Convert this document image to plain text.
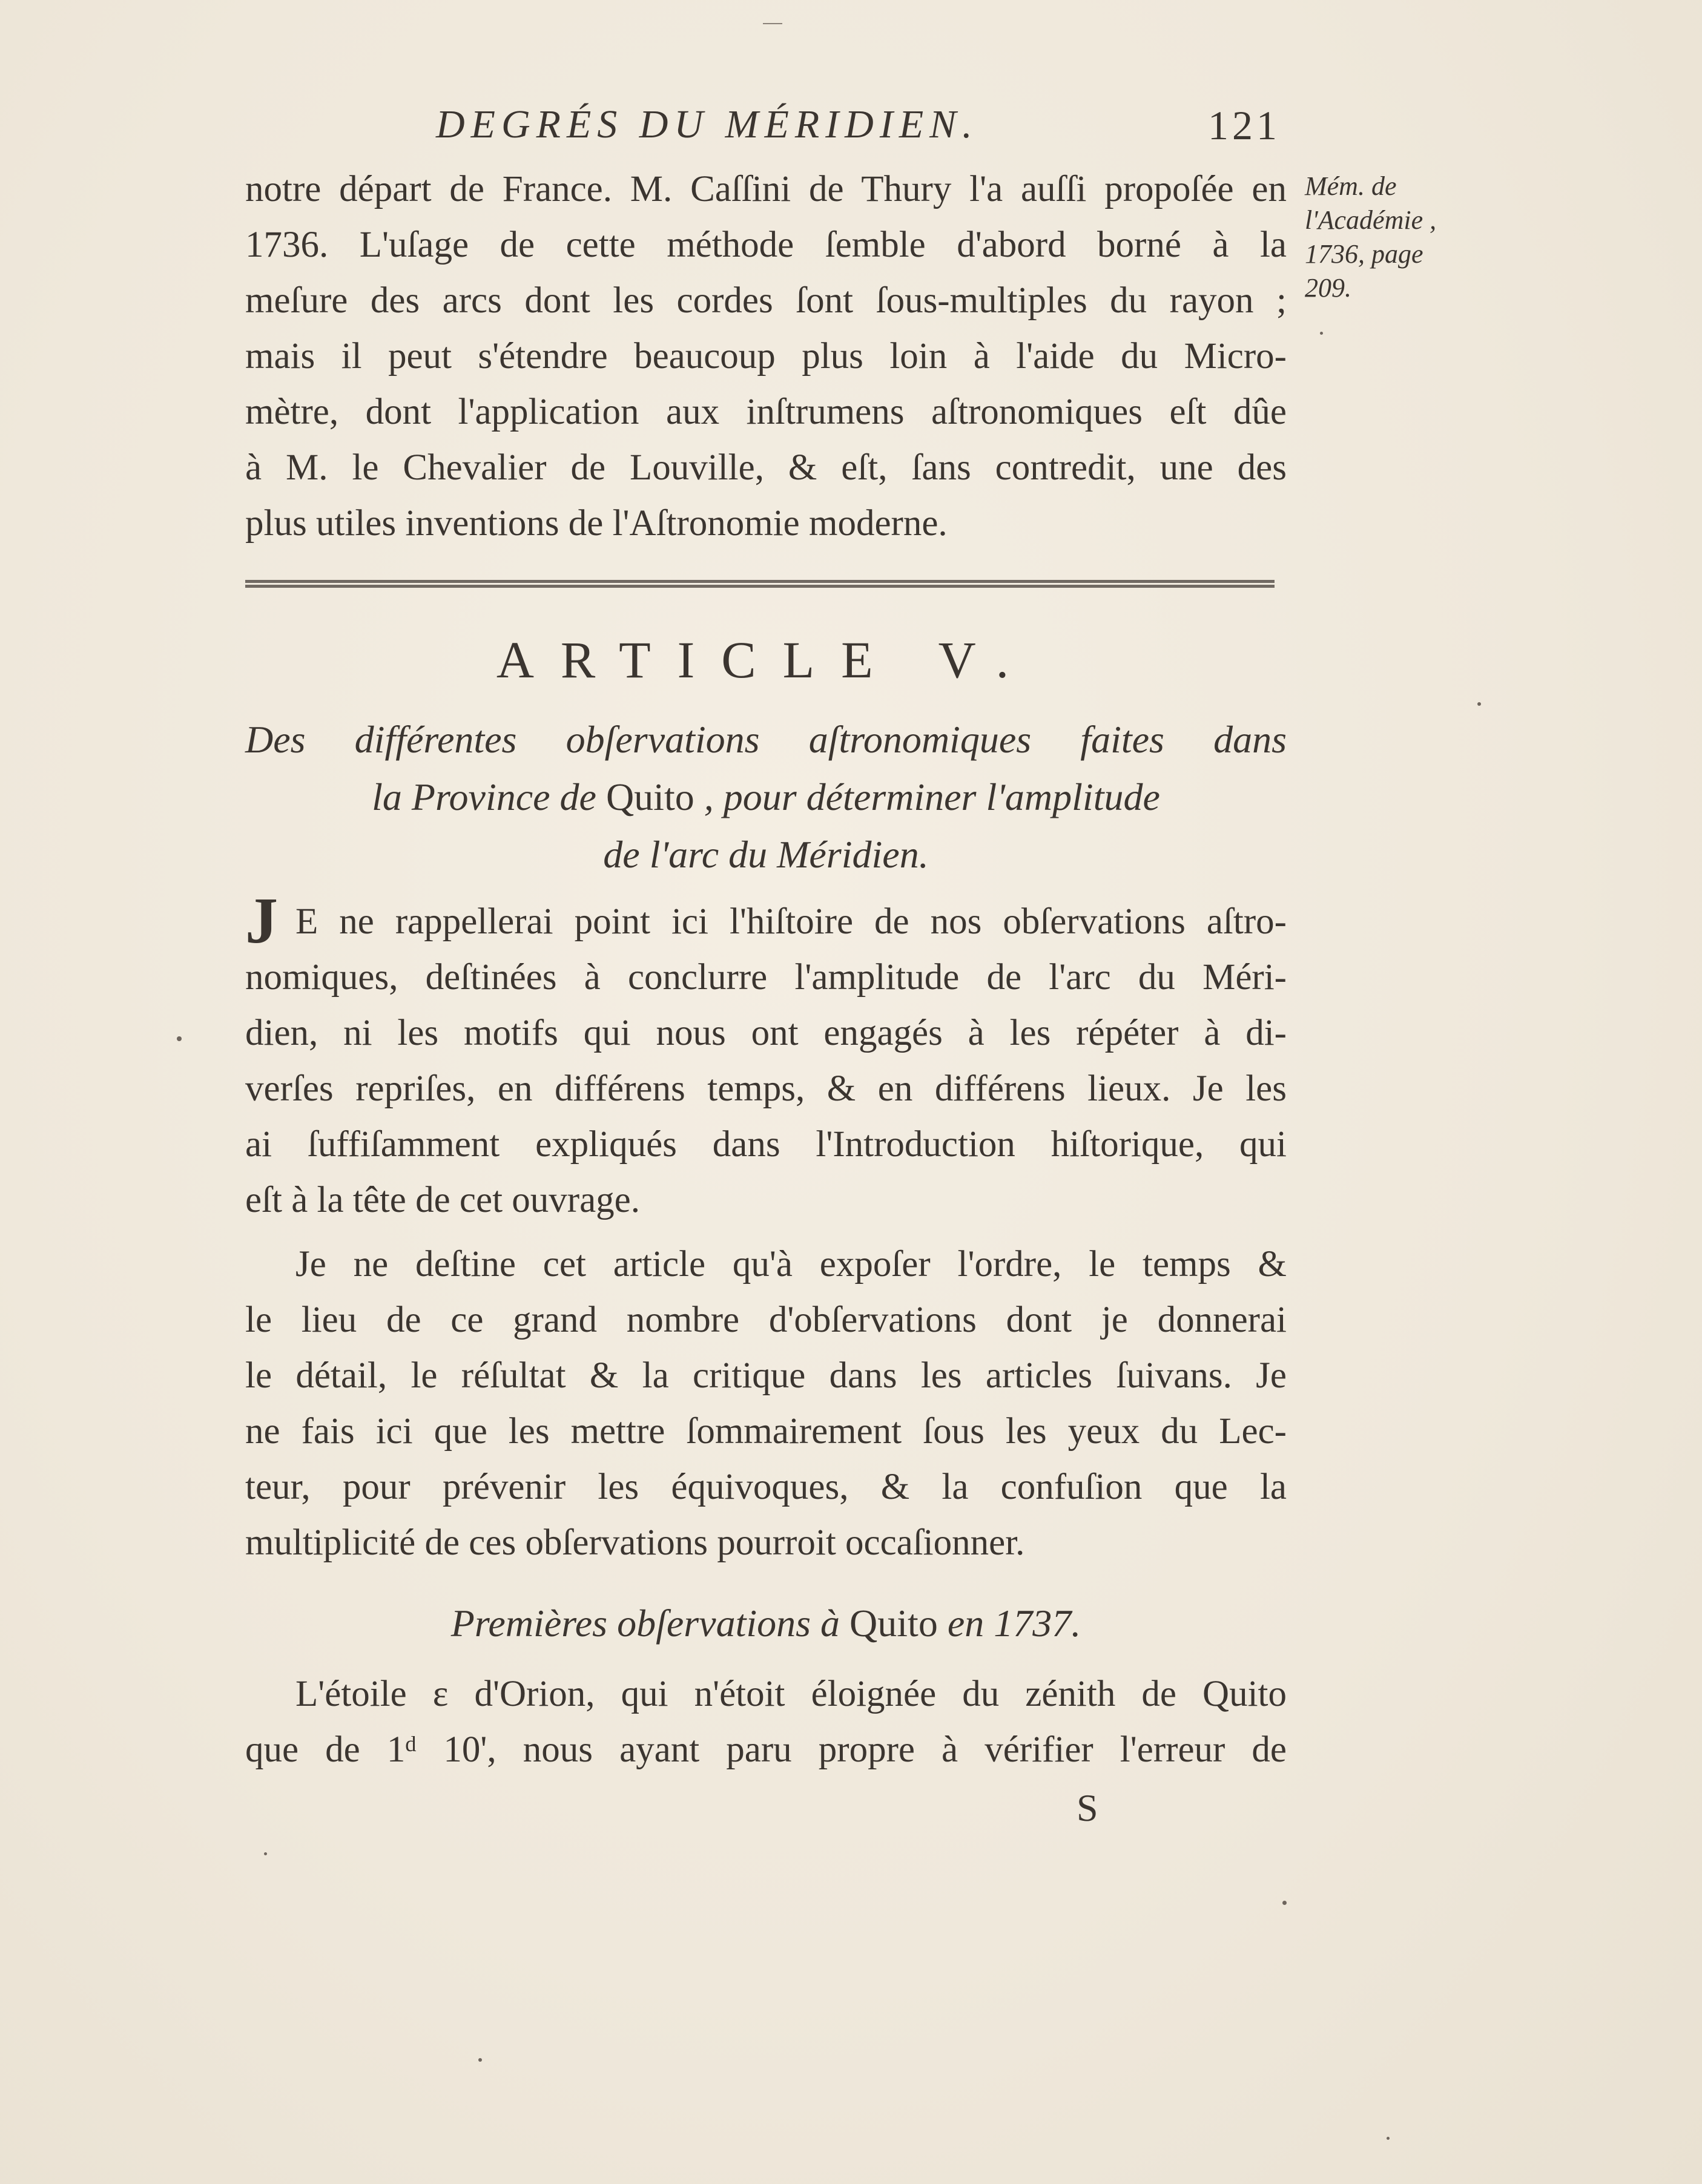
DEGRÉS DU MÉRIDIEN.	121
Mém. de
l'Académie ,
1736, page
209.
notre départ de France. M. Caſſini de Thury l'a auſſi propoſée en
1736. L'uſage de cette méthode ſemble d'abord borné à la
meſure des arcs dont les cordes ſont ſous-multiples du rayon ;
mais il peut s'étendre beaucoup plus loin à l'aide du Micro-
mètre, dont l'application aux inſtrumens aſtronomiques eſt dûe
à M. le Chevalier de Louville, & eſt, ſans contredit, une des
plus utiles inventions de l'Aſtronomie moderne.
ARTICLE V.
Des différentes obſervations aſtronomiques faites dans
la Province de Quito , pour déterminer l'amplitude
de l'arc du Méridien.
J E ne rappellerai point ici l'hiſtoire de nos obſervations aſtro-
nomiques, deſtinées à conclurre l'amplitude de l'arc du Méri-
dien, ni les motifs qui nous ont engagés à les répéter à di-
verſes repriſes, en différens temps, & en différens lieux. Je les
ai ſuffiſamment expliqués dans l'Introduction hiſtorique, qui
eſt à la tête de cet ouvrage.
Je ne deſtine cet article qu'à expoſer l'ordre, le temps &
le lieu de ce grand nombre d'obſervations dont je donnerai
le détail, le réſultat & la critique dans les articles ſuivans. Je
ne fais ici que les mettre ſommairement ſous les yeux du Lec-
teur, pour prévenir les équivoques, & la confuſion que la
multiplicité de ces obſervations pourroit occaſionner.
Premières obſervations à Quito en 1737.
L'étoile ε d'Orion, qui n'étoit éloignée du zénith de Quito
que de 1ᵈ 10', nous ayant paru propre à vérifier l'erreur de
S
